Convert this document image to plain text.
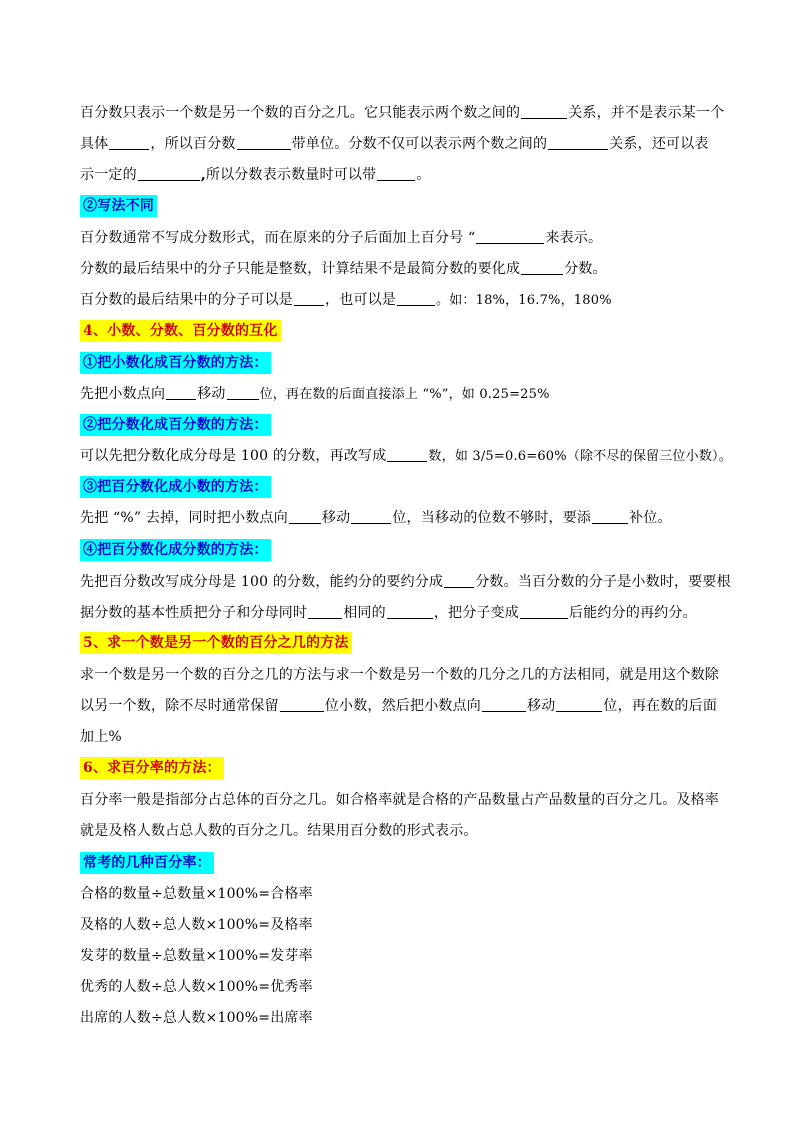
百分数只表示一个数是另一个数的百分之几。它只能表示两个数之间的	关系，并不是表示某一个
具体	，所以百分数	带单位。分数不仅可以表示两个数之间的	关系，还可以表
示一定的	,所以分数表示数量时可以带	。
②写法不同
百分数通常不写成分数形式，而在原来的分子后面加上百分号 “	来表示。
分数的最后结果中的分子只能是整数，计算结果不是最简分数的要化成	分数。
百分数的最后结果中的分子可以是 ，也可以是	。如：18%，16.7%，180%
4、小数、分数、百分数的互化
①把小数化成百分数的方法：
先把小数点向 移动	位，再在数的后面直接添上 “%”，如 0.25=25%
②把分数化成百分数的方法：
可以先把分数化成分母是 100 的分数，再改写成	数，如 3/5=0.6=60%（除不尽的保留三位小数）。
③把百分数化成小数的方法：
先把 “%” 去掉，同时把小数点向 移动	位，当移动的位数不够时，要添	补位。
④把百分数化成分数的方法：
先把百分数改写成分母是 100 的分数，能约分的要约分成 分数。当百分数的分子是小数时，要要根
据分数的基本性质把分子和分母同时	相同的	，把分子变成	后能约分的再约分。
5、求一个数是另一个数的百分之几的方法
求一个数是另一个数的百分之几的方法与求一个数是另一个数的几分之几的方法相同，就是用这个数除
以另一个数，除不尽时通常保留	位小数，然后把小数点向	移动	位，再在数的后面
加上%
6、求百分率的方法：
百分率一般是指部分占总体的百分之几。如合格率就是合格的产品数量占产品数量的百分之几。及格率
就是及格人数占总人数的百分之几。结果用百分数的形式表示。
常考的几种百分率：
合格的数量÷总数量×100%=合格率
及格的人数÷总人数×100%=及格率
发芽的数量÷总数量×100%=发芽率
优秀的人数÷总人数×100%=优秀率
出席的人数÷总人数×100%=出席率
